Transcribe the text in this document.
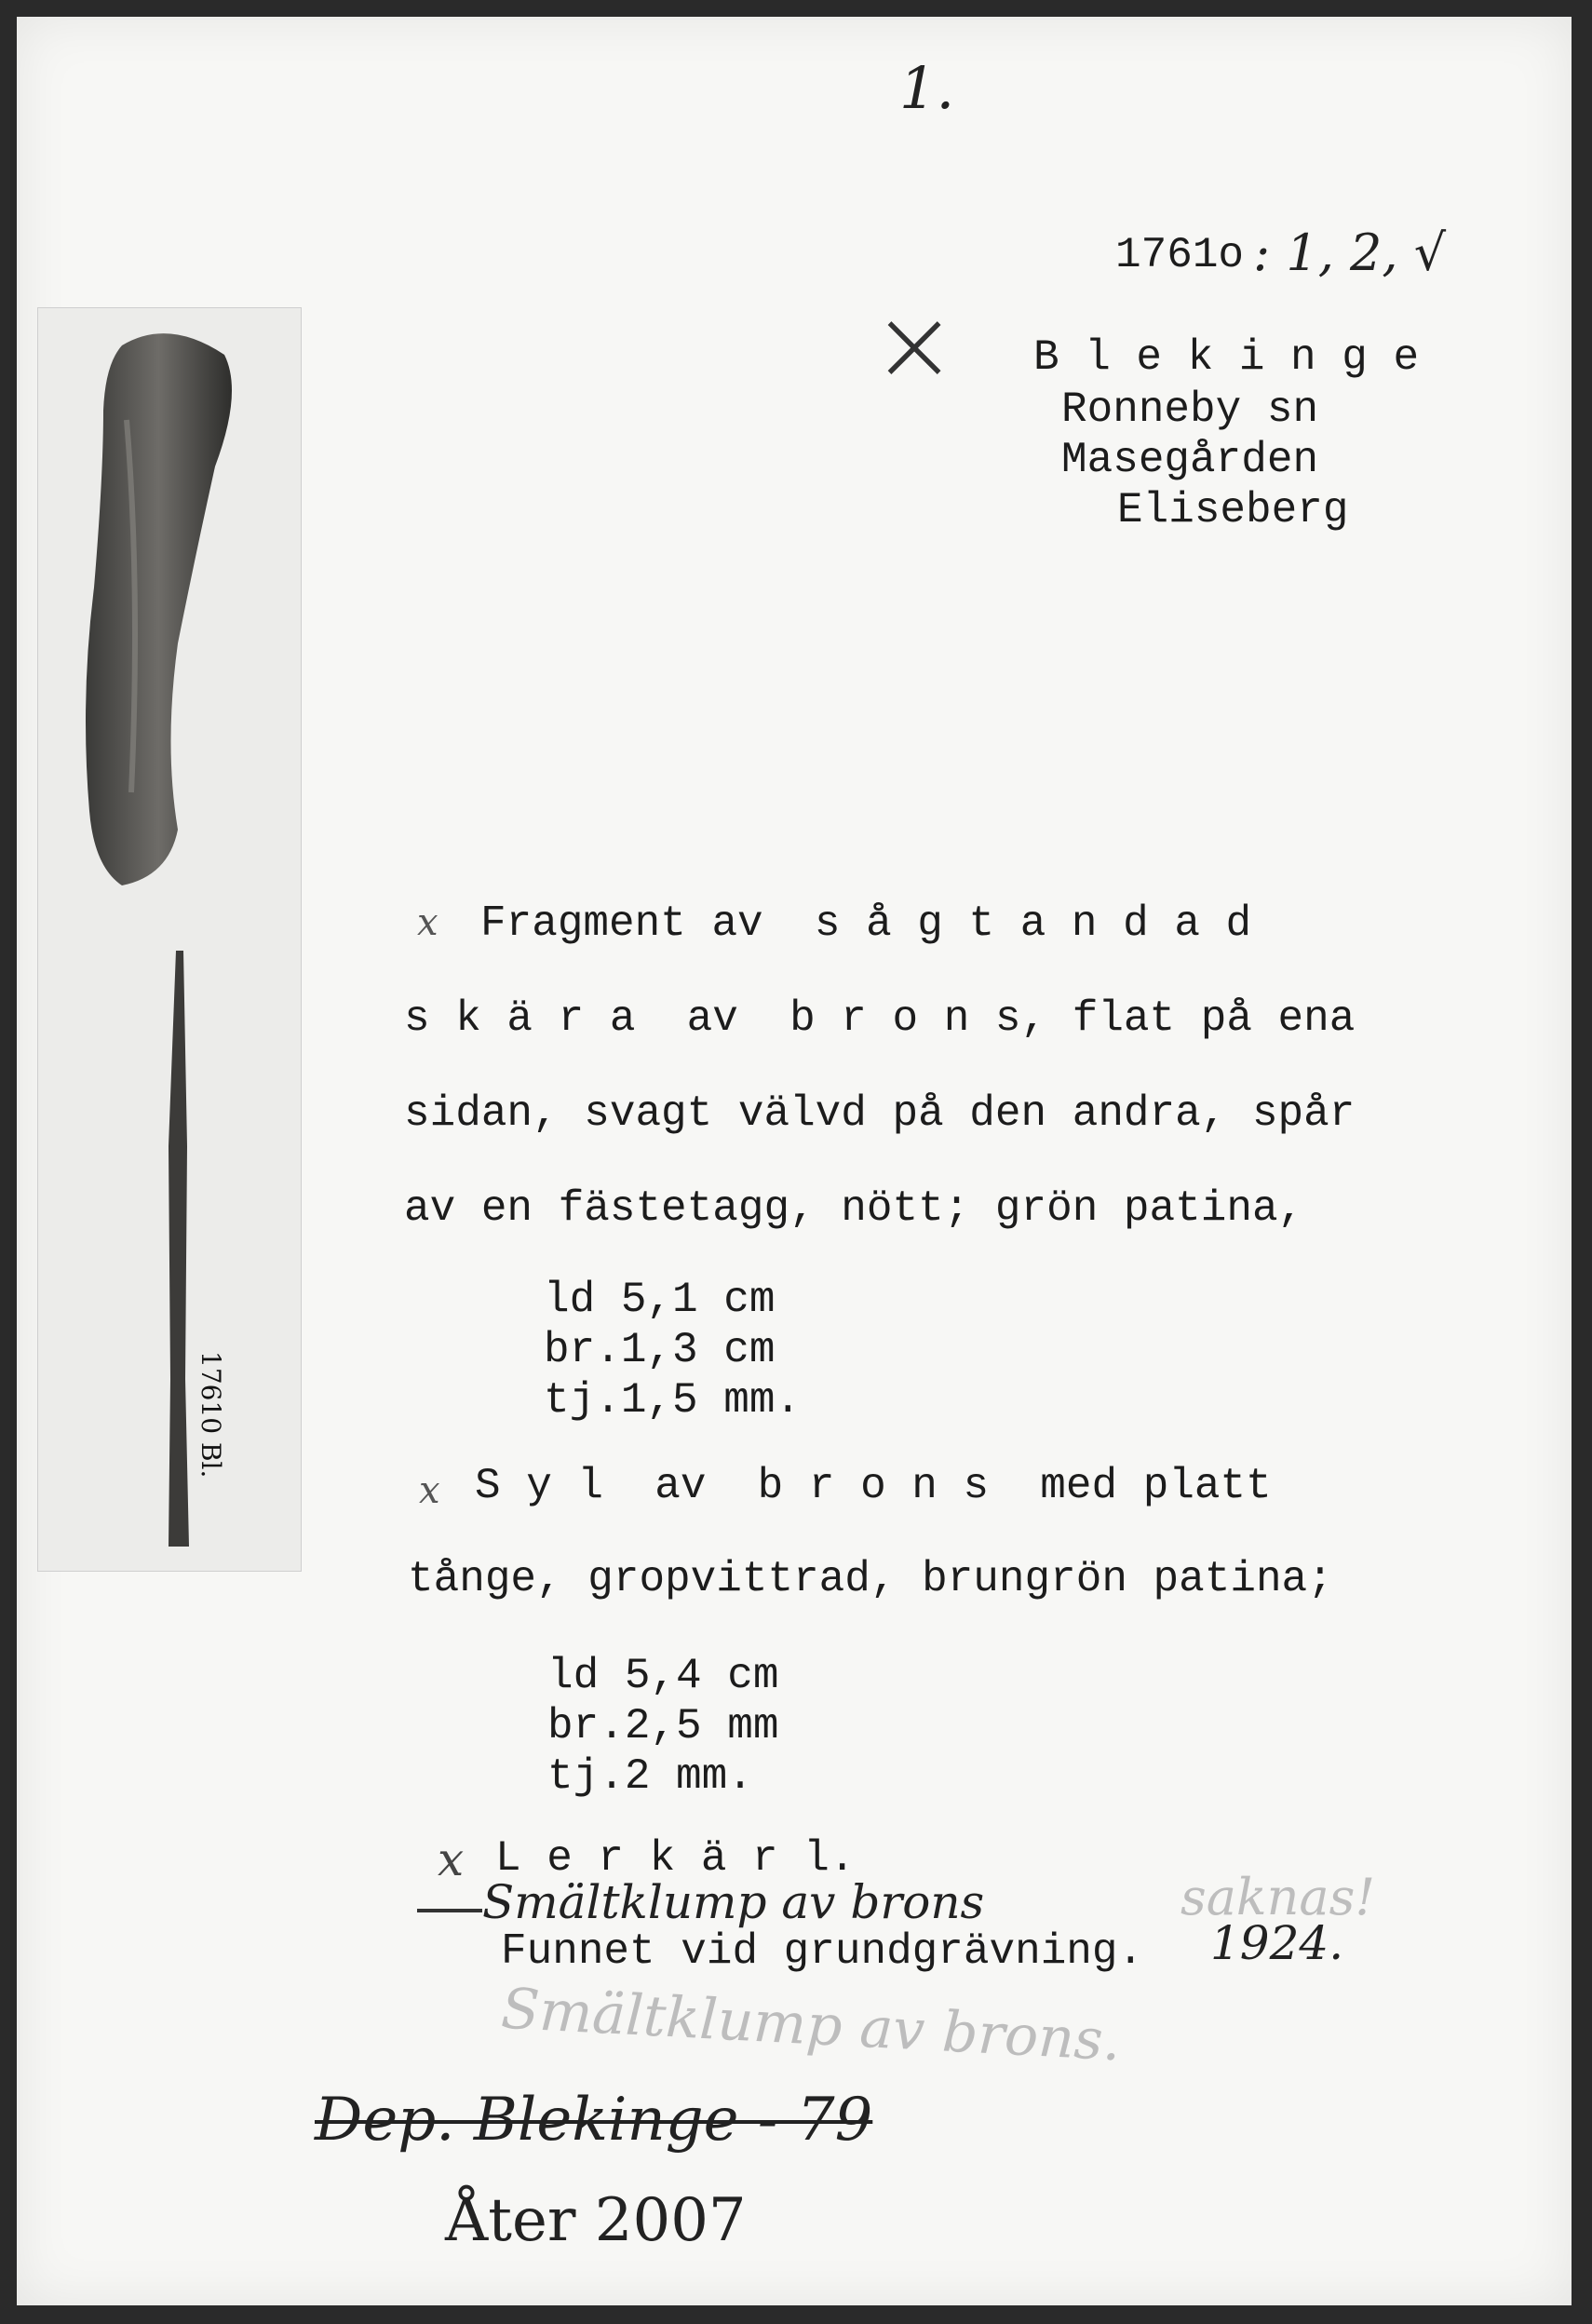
1.
1761o : 1, 2, √
× B l e k i n g e
Ronneby sn
Masegården
Eliseberg
17610 Bl.
x Fragment av  s å g t a n d a d
s k ä r a  av  b r o n s, flat på ena
sidan, svagt välvd på den andra, spår
av en fästetagg, nött; grön patina,
ld 5,1 cm
br.1,3 cm
tj.1,5 mm.
x S y l  av  b r o n s  med platt
tånge, gropvittrad, brungrön patina;
ld 5,4 cm
br.2,5 mm
tj.2 mm.
x L e r k ä r l.
Smältklump av brons	saknas!
Funnet vid grundgrävning. 1924.
Smältklump av brons.
Dep. Blekinge - 79
Åter 2007
